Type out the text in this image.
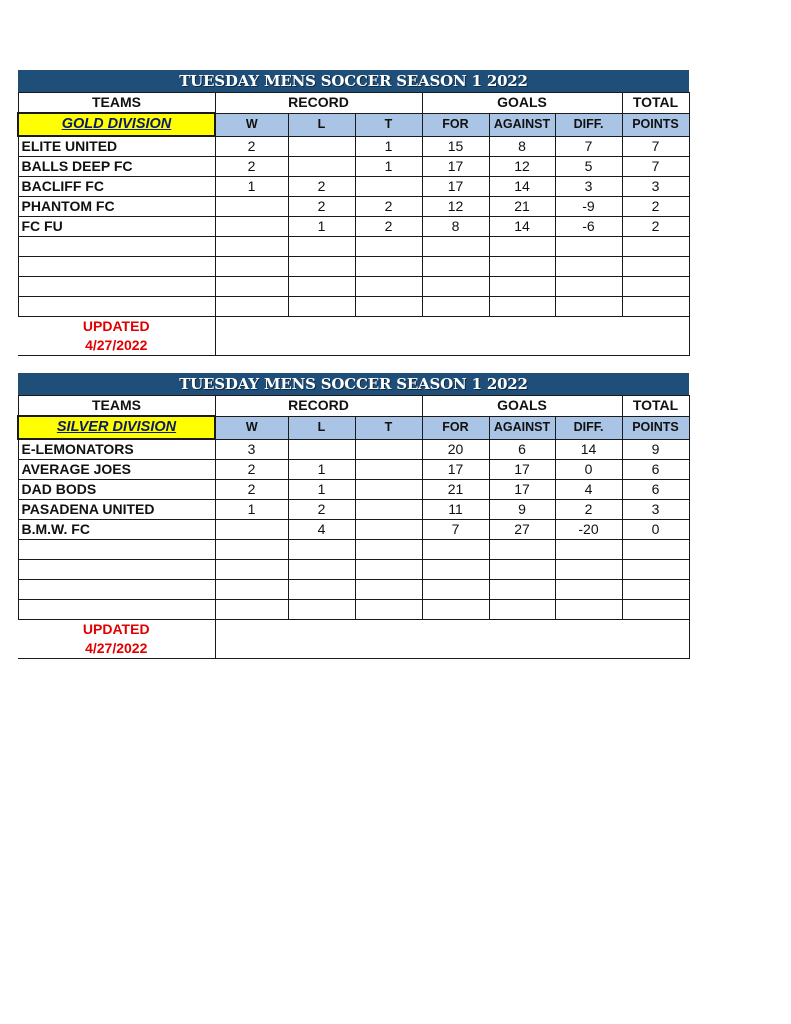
TUESDAY MENS SOCCER SEASON 1 2022							
TEAMS	RECORD			GOALS			TOTAL
GOLD DIVISION	W	L	T	FOR	AGAINST	DIFF.	POINTS
ELITE UNITED	2		1	15	8	7	7
BALLS DEEP FC	2		1	17	12	5	7
BACLIFF FC	1	2		17	14	3	3
PHANTOM FC		2	2	12	21	-9	2
FC FU		1	2	8	14	-6	2

UPDATED
4/27/2022							

TUESDAY MENS SOCCER SEASON 1 2022							
TEAMS	RECORD			GOALS			TOTAL
SILVER DIVISION	W	L	T	FOR	AGAINST	DIFF.	POINTS
E-LEMONATORS	3			20	6	14	9
AVERAGE JOES	2	1		17	17	0	6
DAD BODS	2	1		21	17	4	6
PASADENA UNITED	1	2		11	9	2	3
B.M.W. FC		4		7	27	-20	0

UPDATED
4/27/2022							
